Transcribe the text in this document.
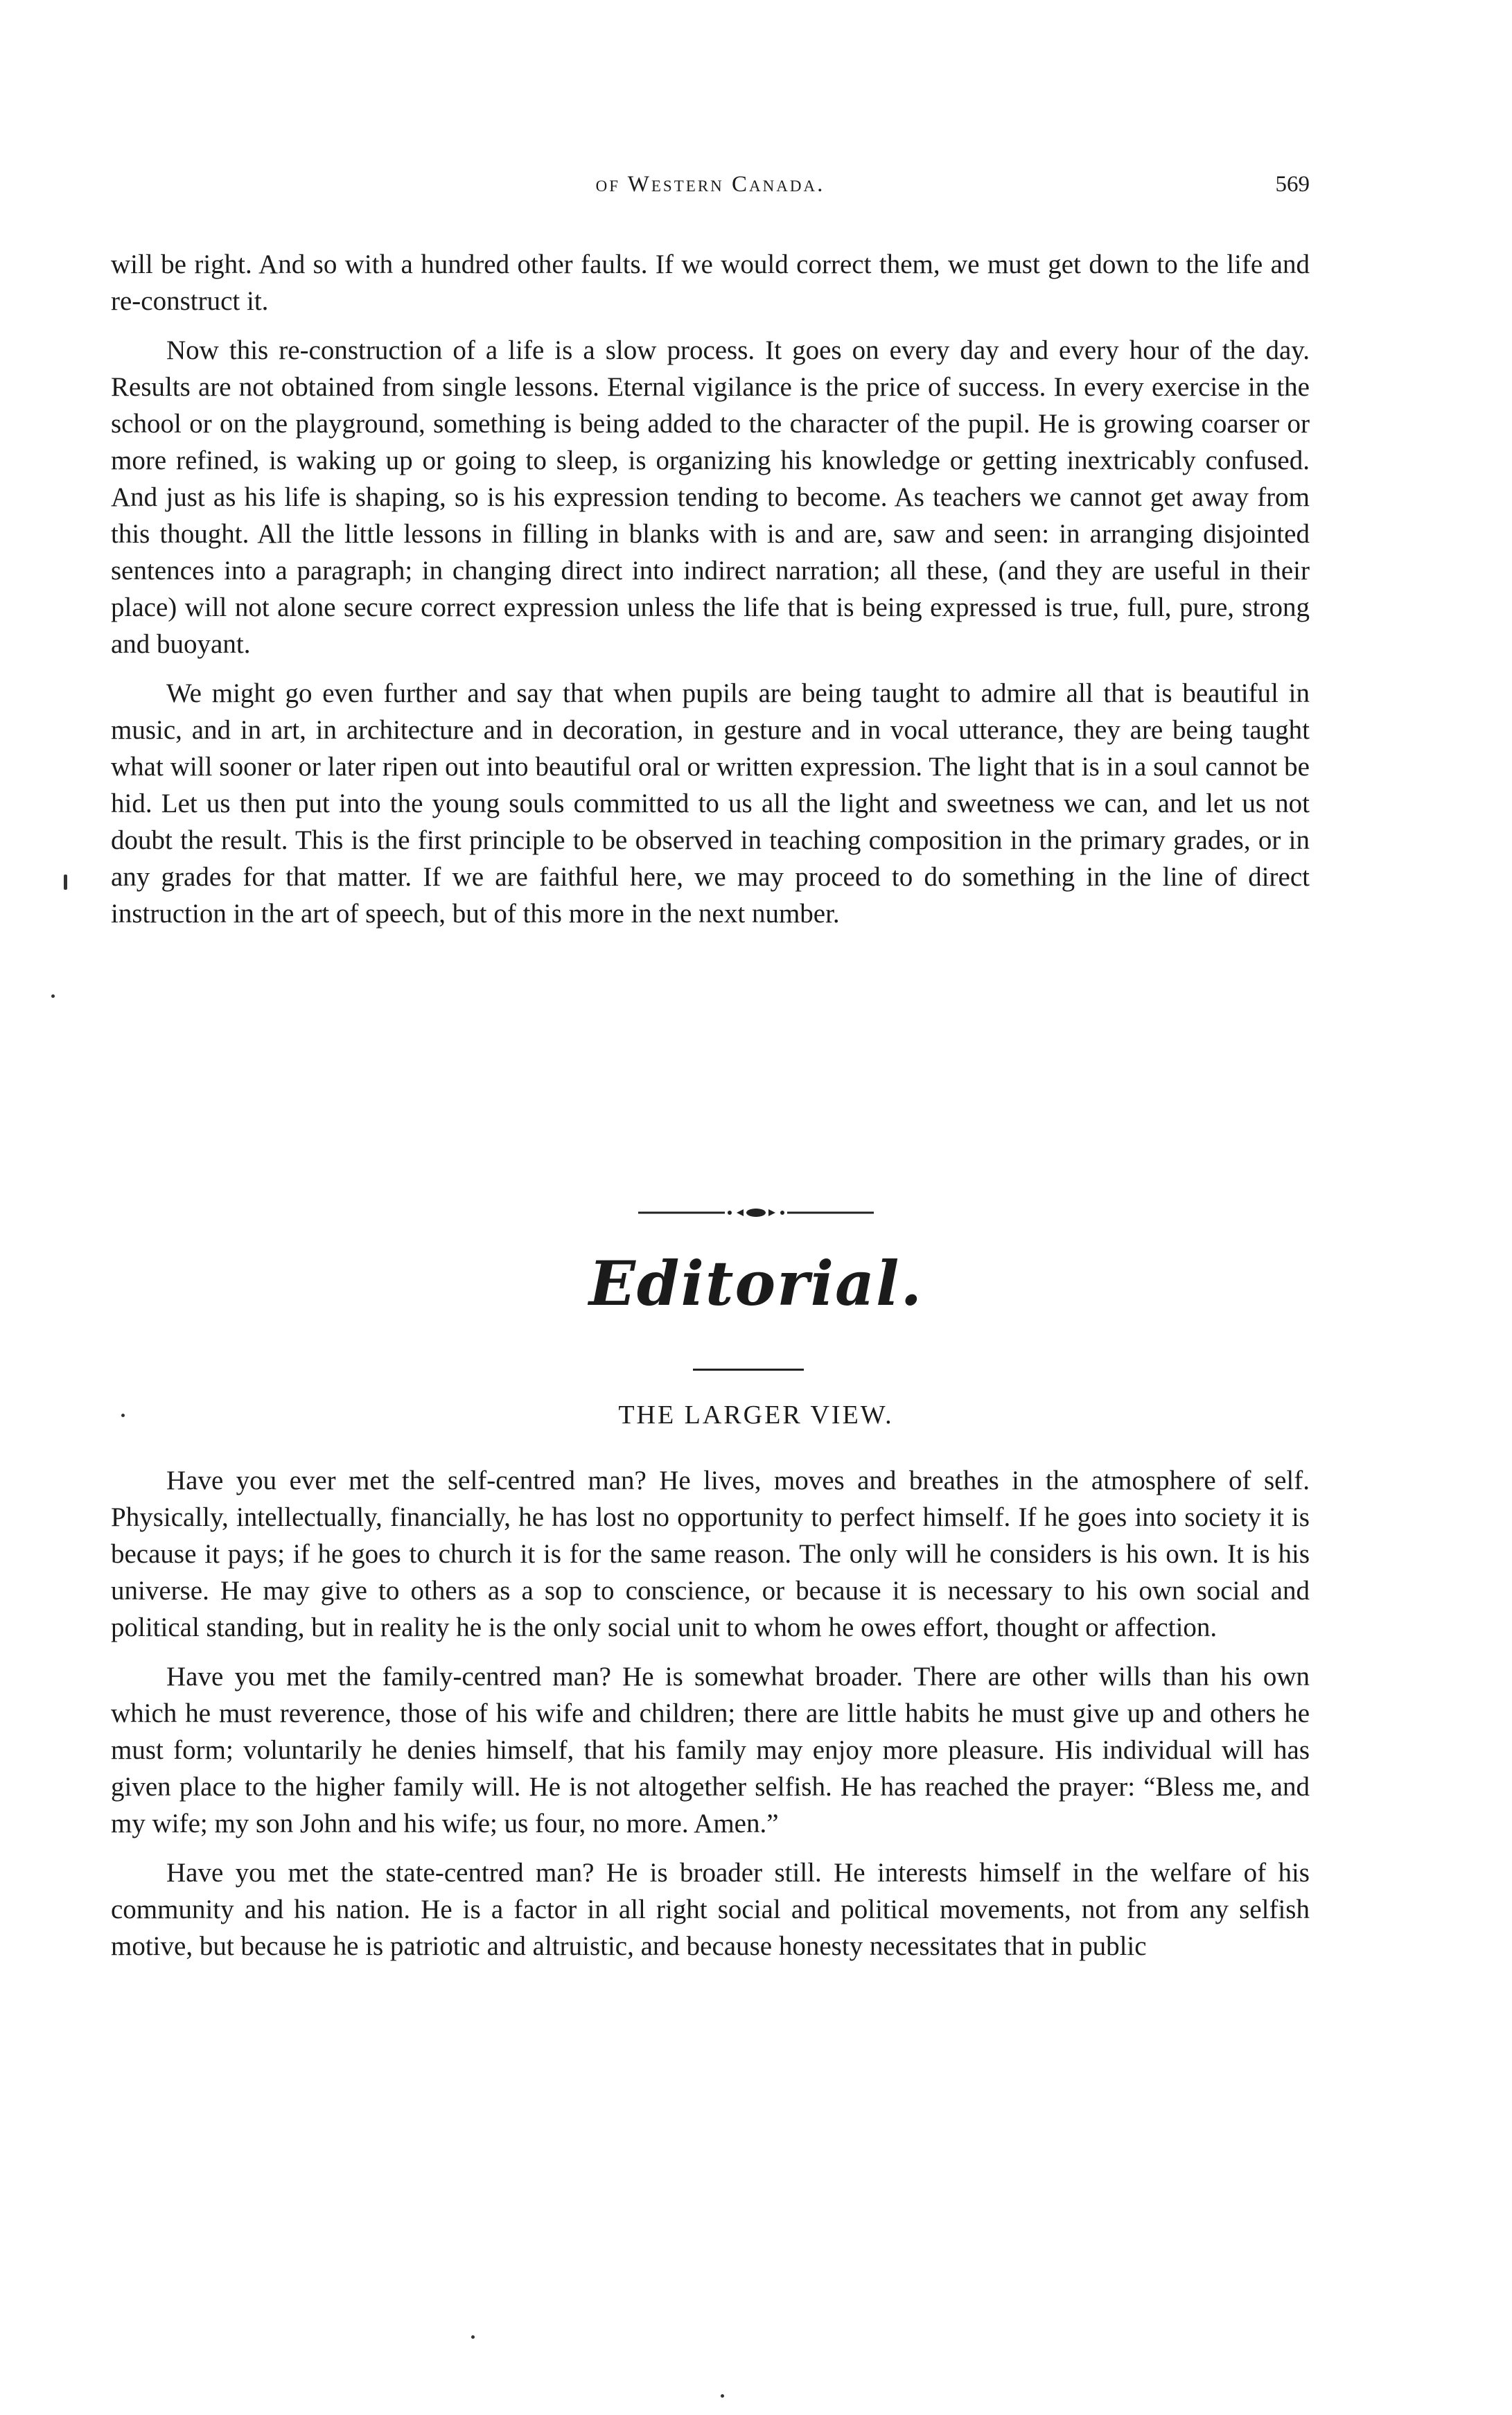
of Western Canada.	569

will be right. And so with a hundred other faults. If we would correct them, we must get down to the life and re-construct it.

Now this re-construction of a life is a slow process. It goes on every day and every hour of the day. Results are not obtained from single lessons. Eternal vigilance is the price of success. In every exercise in the school or on the playground, something is being added to the character of the pupil. He is growing coarser or more refined, is waking up or going to sleep, is organizing his knowledge or getting inextricably confused. And just as his life is shaping, so is his expression tending to become. As teachers we cannot get away from this thought. All the little lessons in filling in blanks with is and are, saw and seen: in arranging disjointed sentences into a paragraph; in changing direct into indirect narration; all these, (and they are useful in their place) will not alone secure correct expression unless the life that is being expressed is true, full, pure, strong and buoyant.

We might go even further and say that when pupils are being taught to admire all that is beautiful in music, and in art, in architecture and in decoration, in gesture and in vocal utterance, they are being taught what will sooner or later ripen out into beautiful oral or written expression. The light that is in a soul cannot be hid. Let us then put into the young souls committed to us all the light and sweetness we can, and let us not doubt the result. This is the first principle to be observed in teaching composition in the primary grades, or in any grades for that matter. If we are faithful here, we may proceed to do something in the line of direct instruction in the art of speech, but of this more in the next number.

Editorial.
THE LARGER VIEW.

Have you ever met the self-centred man? He lives, moves and breathes in the atmosphere of self. Physically, intellectually, financially, he has lost no opportunity to perfect himself. If he goes into society it is because it pays; if he goes to church it is for the same reason. The only will he considers is his own. It is his universe. He may give to others as a sop to conscience, or because it is necessary to his own social and political standing, but in reality he is the only social unit to whom he owes effort, thought or affection.

Have you met the family-centred man? He is somewhat broader. There are other wills than his own which he must reverence, those of his wife and children; there are little habits he must give up and others he must form; voluntarily he denies himself, that his family may enjoy more pleasure. His individual will has given place to the higher family will. He is not altogether selfish. He has reached the prayer: “Bless me, and my wife; my son John and his wife; us four, no more. Amen.”

Have you met the state-centred man? He is broader still. He interests himself in the welfare of his community and his nation. He is a factor in all right social and political movements, not from any selfish motive, but because he is patriotic and altruistic, and because honesty necessitates that in public
